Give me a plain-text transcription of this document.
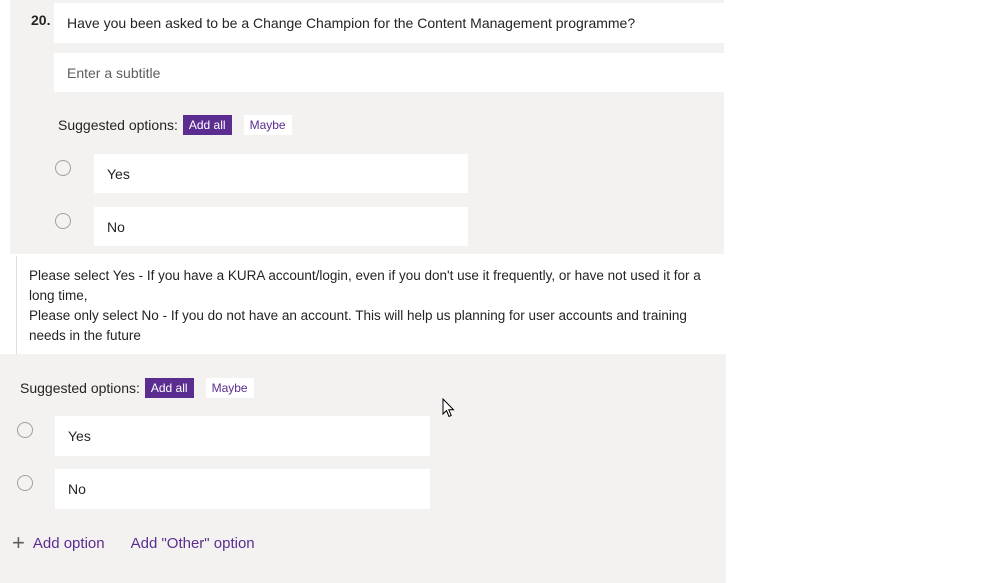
20. Have you been asked to be a Change Champion for the Content Management programme?
Enter a subtitle
Suggested options: Add all	Maybe
Yes
No

Please select Yes - If you have a KURA account/login, even if you don't use it frequently, or have not used it for a long time,

Please only select No - If you do not have an account. This will help us planning for user accounts and training needs in the future

Suggested options: Add all	Maybe
Yes
No
+ Add option Add "Other" option
